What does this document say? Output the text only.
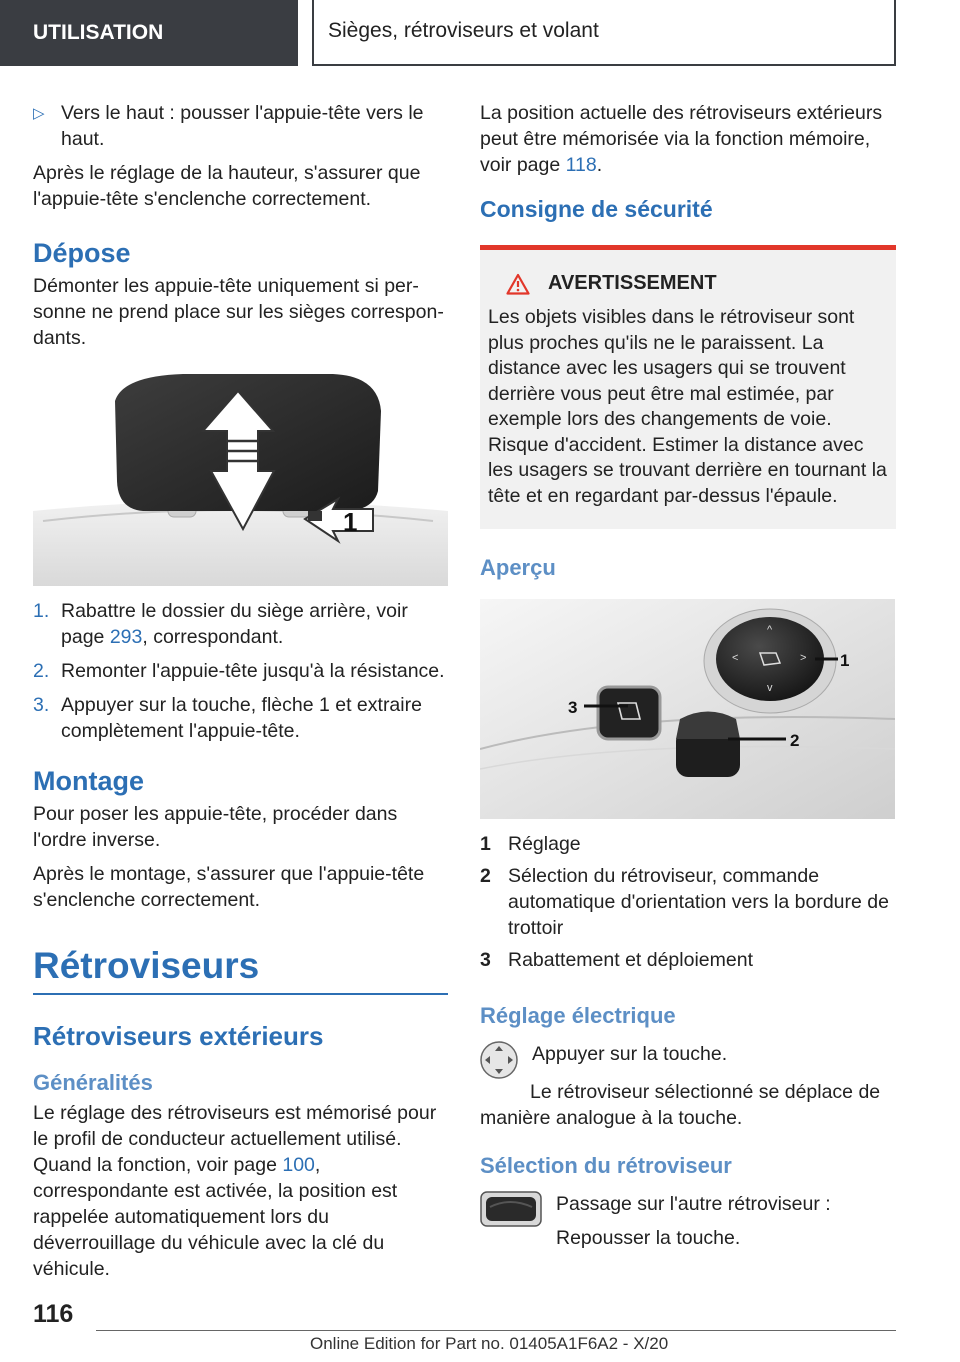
UTILISATION	Sièges, rétroviseurs et volant
▷ Vers le haut : pousser l'appuie-tête vers le haut.

Après le réglage de la hauteur, s'assurer que l'appuie-tête s'enclenche correctement.

Dépose

Démonter les appuie-tête uniquement si personne ne prend place sur les sièges correspondants.

1
1. Rabattre le dossier du siège arrière, voir page 293, correspondant.
2. Remonter l'appuie-tête jusqu'à la résistance.
3. Appuyer sur la touche, flèche 1 et extraire complètement l'appuie-tête.
Montage

Pour poser les appuie-tête, procéder dans l'ordre inverse.

Après le montage, s'assurer que l'appuie-tête s'enclenche correctement.

Rétroviseurs
Rétroviseurs extérieurs
Généralités

Le réglage des rétroviseurs est mémorisé pour le profil de conducteur actuellement utilisé. Quand la fonction, voir page 100, correspondante est activée, la position est rappelée automatiquement lors du déverrouillage du véhicule avec la clé du véhicule.

La position actuelle des rétroviseurs extérieurs peut être mémorisée via la fonction mémoire, voir page 118.

Consigne de sécurité
AVERTISSEMENT

Les objets visibles dans le rétroviseur sont plus proches qu'ils ne le paraissent. La distance avec les usagers qui se trouvent derrière vous peut être mal estimée, par exemple lors des changements de voie. Risque d'accident. Estimer la distance avec les usagers se trouvant derrière en tournant la tête et en regardant par-dessus l'épaule.

Aperçu
^
<	>
v
1
2
3
1 Réglage
2 Sélection du rétroviseur, commande automatique d'orientation vers la bordure de trottoir
3 Rabattement et déploiement
Réglage électrique

Appuyer sur la touche.

Le rétroviseur sélectionné se déplace de manière analogue à la touche.

Sélection du rétroviseur

Passage sur l'autre rétroviseur :

Repousser la touche.

116
Online Edition for Part no. 01405A1F6A2 - X/20
